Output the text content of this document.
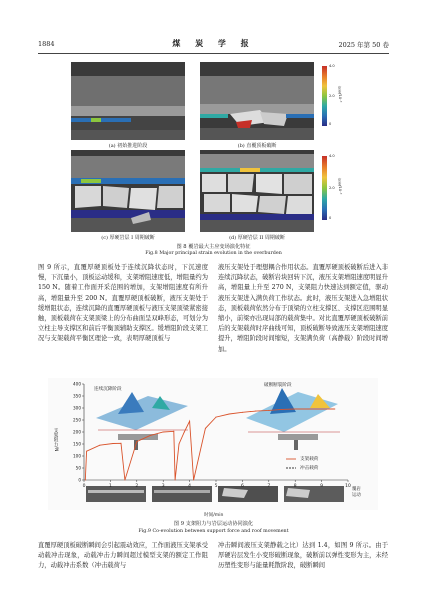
1884	煤 炭 学 报	2025 年第 50 卷
(a) 初始推进阶段	(b) 直覆顶板破断
(c) 厚硬岩层 I 周期破断	(d) 厚硬岩层 II 周期破断
4.0
2.0
0
应变/10⁻³
4.0
2.0
0
应变/10⁻³
图 8 覆岩最大主应变场演化特征
Fig.8 Major principal strain evolution in the overburden

图 9 所示，直覆厚硬顶板处于连续沉降状态时，下沉速度慢，下沉量小，顶板运动缓和，支架增阻速度低，增阻量约为 150 N。随着工作面开采范围的增加，支架增阻速度有所升高，增阻量升至 200 N。直覆厚硬顶板破断，液压支架处于缓增阻状态，连续沉降的直覆厚硬顶板与液压支架顶梁紧密接触，顶板载荷在支架顶梁上的分布曲面呈双峰形态，可划分为立柱主导支撑区和前后平衡顶辅助支撑区。缓增阻阶段支架工况与支架载荷平衡区理论一致，表明厚硬顶板与

液压支架处于理想耦合作用状态。直覆厚硬顶板破断后进入非连续沉降状态，破断岩块回转下沉，液压支架增阻速度明显升高，增阻量上升至 270 N，支架阻力快速达到额定值，驱动液压支架进入满负荷工作状态。此时，液压支架进入急增阻状态，顶板载荷依然分布于顶梁的立柱支撑区、支撑区范围明显缩小，前梁亦出现局部的载荷集中。对比直覆厚硬顶板破断前后的支架载荷时序曲线可知，顶板破断导致液压支架增阻速度提升，增阻阶段时间缩短，支架满负荷（高静载）阶段时间增加。

0	1	2	3	4	5	6	7	8	9	10
400
350
300
250
200
150
100
50
0
连续沉降阶段
破断断裂阶段
支架阻力/N
支架载荷
冲击载荷
覆岩运动
时间/min
图 9 支架阻力与岩层运动协同演化
Fig.9 Co-evolution between support force and roof movement

直覆厚硬顶板破断瞬间会引起震动效应，工作面液压支架承受动载冲击现象，动载冲击力瞬间超过模型支架的额定工作阻力，动载冲击系数（冲击载荷与

冲击瞬间液压支架静载之比）达到 1.4，如图 9 所示。由于厚硬岩层发生小变形破断现象，破断前以弹性变形为主，未经历塑性变形与能量耗散阶段，破断瞬间
